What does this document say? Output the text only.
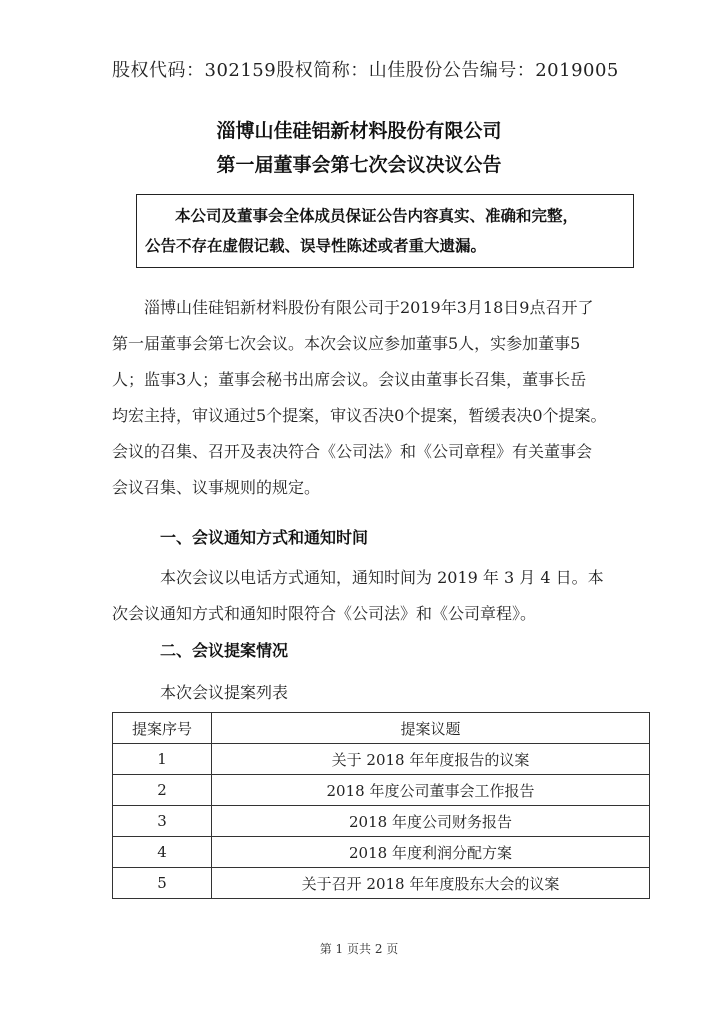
股权代码：302159股权简称：山佳股份公告编号：2019005
淄博山佳硅铝新材料股份有限公司
第一届董事会第七次会议决议公告
本公司及董事会全体成员保证公告内容真实、准确和完整，
公告不存在虚假记载、误导性陈述或者重大遗漏。
淄博山佳硅铝新材料股份有限公司于2019年3月18日9点召开了
第一届董事会第七次会议。本次会议应参加董事5人，实参加董事5
人；监事3人；董事会秘书出席会议。会议由董事长召集，董事长岳
均宏主持，审议通过5个提案，审议否决0个提案，暂缓表决0个提案。
会议的召集、召开及表决符合《公司法》和《公司章程》有关董事会
会议召集、议事规则的规定。
一、会议通知方式和通知时间
本次会议以电话方式通知，通知时间为 2019 年 3 月 4 日。本
次会议通知方式和通知时限符合《公司法》和《公司章程》。
二、会议提案情况
本次会议提案列表
提案序号	提案议题
1	关于 2018 年年度报告的议案
2	2018 年度公司董事会工作报告
3	2018 年度公司财务报告
4	2018 年度利润分配方案
5	关于召开 2018 年年度股东大会的议案
第 1 页共 2 页
